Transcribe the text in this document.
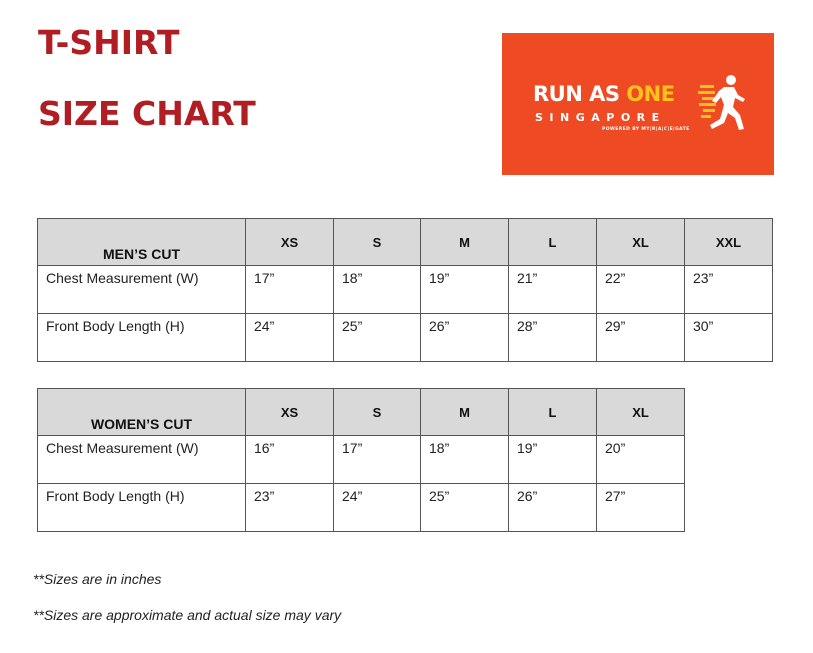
T-SHIRT
SIZE CHART	RUN AS ONE
SINGAPORE
POWERED BY MY|R|A|C|E|GATE
MEN’S CUT	XS	S	M	L	XL	XXL
Chest Measurement (W)	17”	18”	19”	21”	22”	23”
Front Body Length (H)	24”	25”	26”	28”	29”	30”
WOMEN’S CUT	XS	S	M	L	XL
Chest Measurement (W)	16”	17”	18”	19”	20”
Front Body Length (H)	23”	24”	25”	26”	27”

**Sizes are in inches

**Sizes are approximate and actual size may vary
